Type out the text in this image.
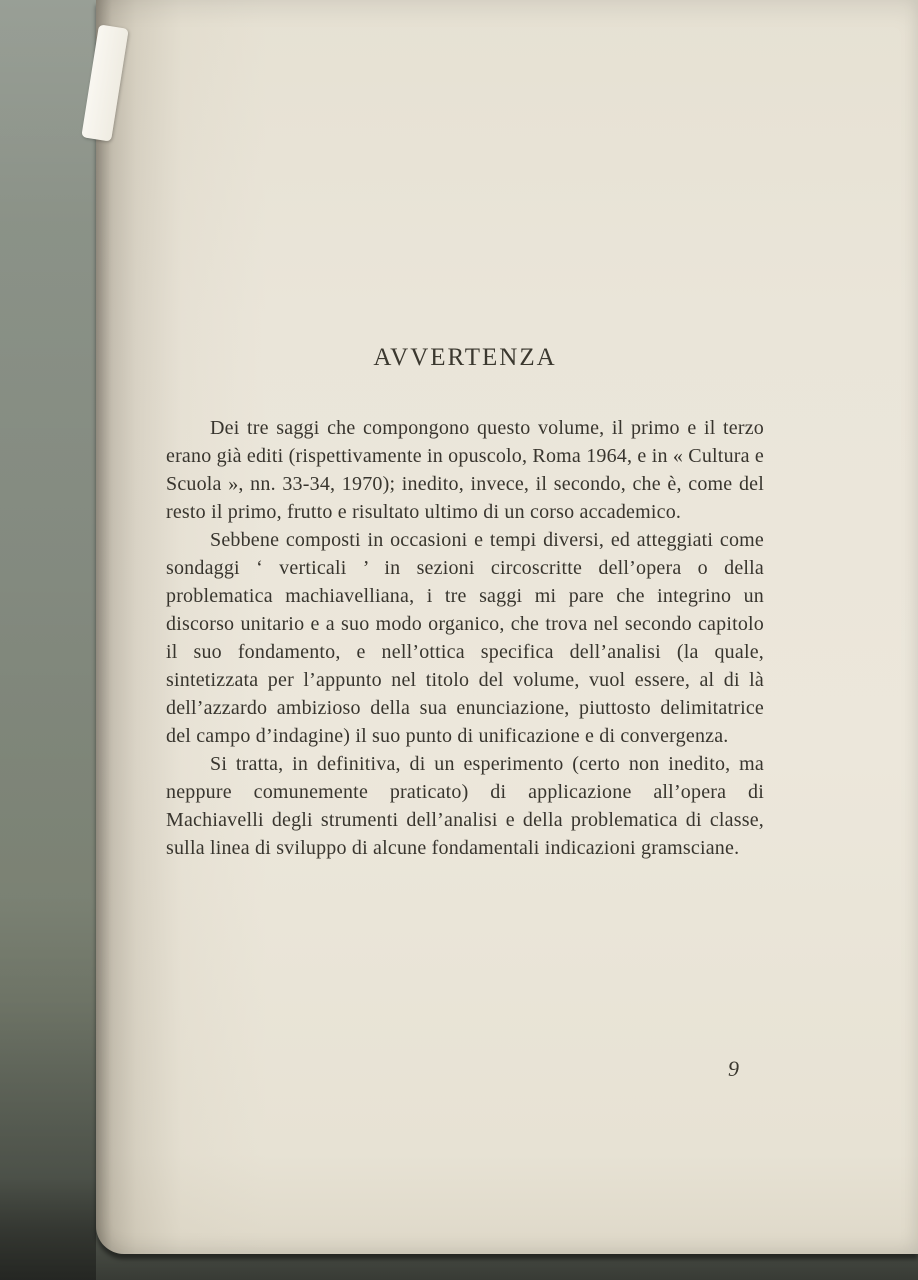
AVVERTENZA

Dei tre saggi che compongono questo volume, il primo e il terzo erano già editi (rispettivamente in opuscolo, Roma 1964, e in « Cultura e Scuola », nn. 33-34, 1970); inedito, invece, il secondo, che è, come del resto il primo, frutto e risultato ultimo di un corso accademico.

Sebbene composti in occasioni e tempi diversi, ed atteggiati come sondaggi ‘ verticali ’ in sezioni circoscritte dell’opera o della problematica machiavelliana, i tre saggi mi pare che integrino un discorso unitario e a suo modo organico, che trova nel secondo capitolo il suo fondamento, e nell’ottica specifica dell’analisi (la quale, sintetizzata per l’appunto nel titolo del volume, vuol essere, al di là dell’azzardo ambizioso della sua enunciazione, piuttosto delimitatrice del campo d’indagine) il suo punto di unificazione e di convergenza.

Si tratta, in definitiva, di un esperimento (certo non inedito, ma neppure comunemente praticato) di applicazione all’opera di Machiavelli degli strumenti dell’analisi e della problematica di classe, sulla linea di sviluppo di alcune fondamentali indicazioni gramsciane.

9
